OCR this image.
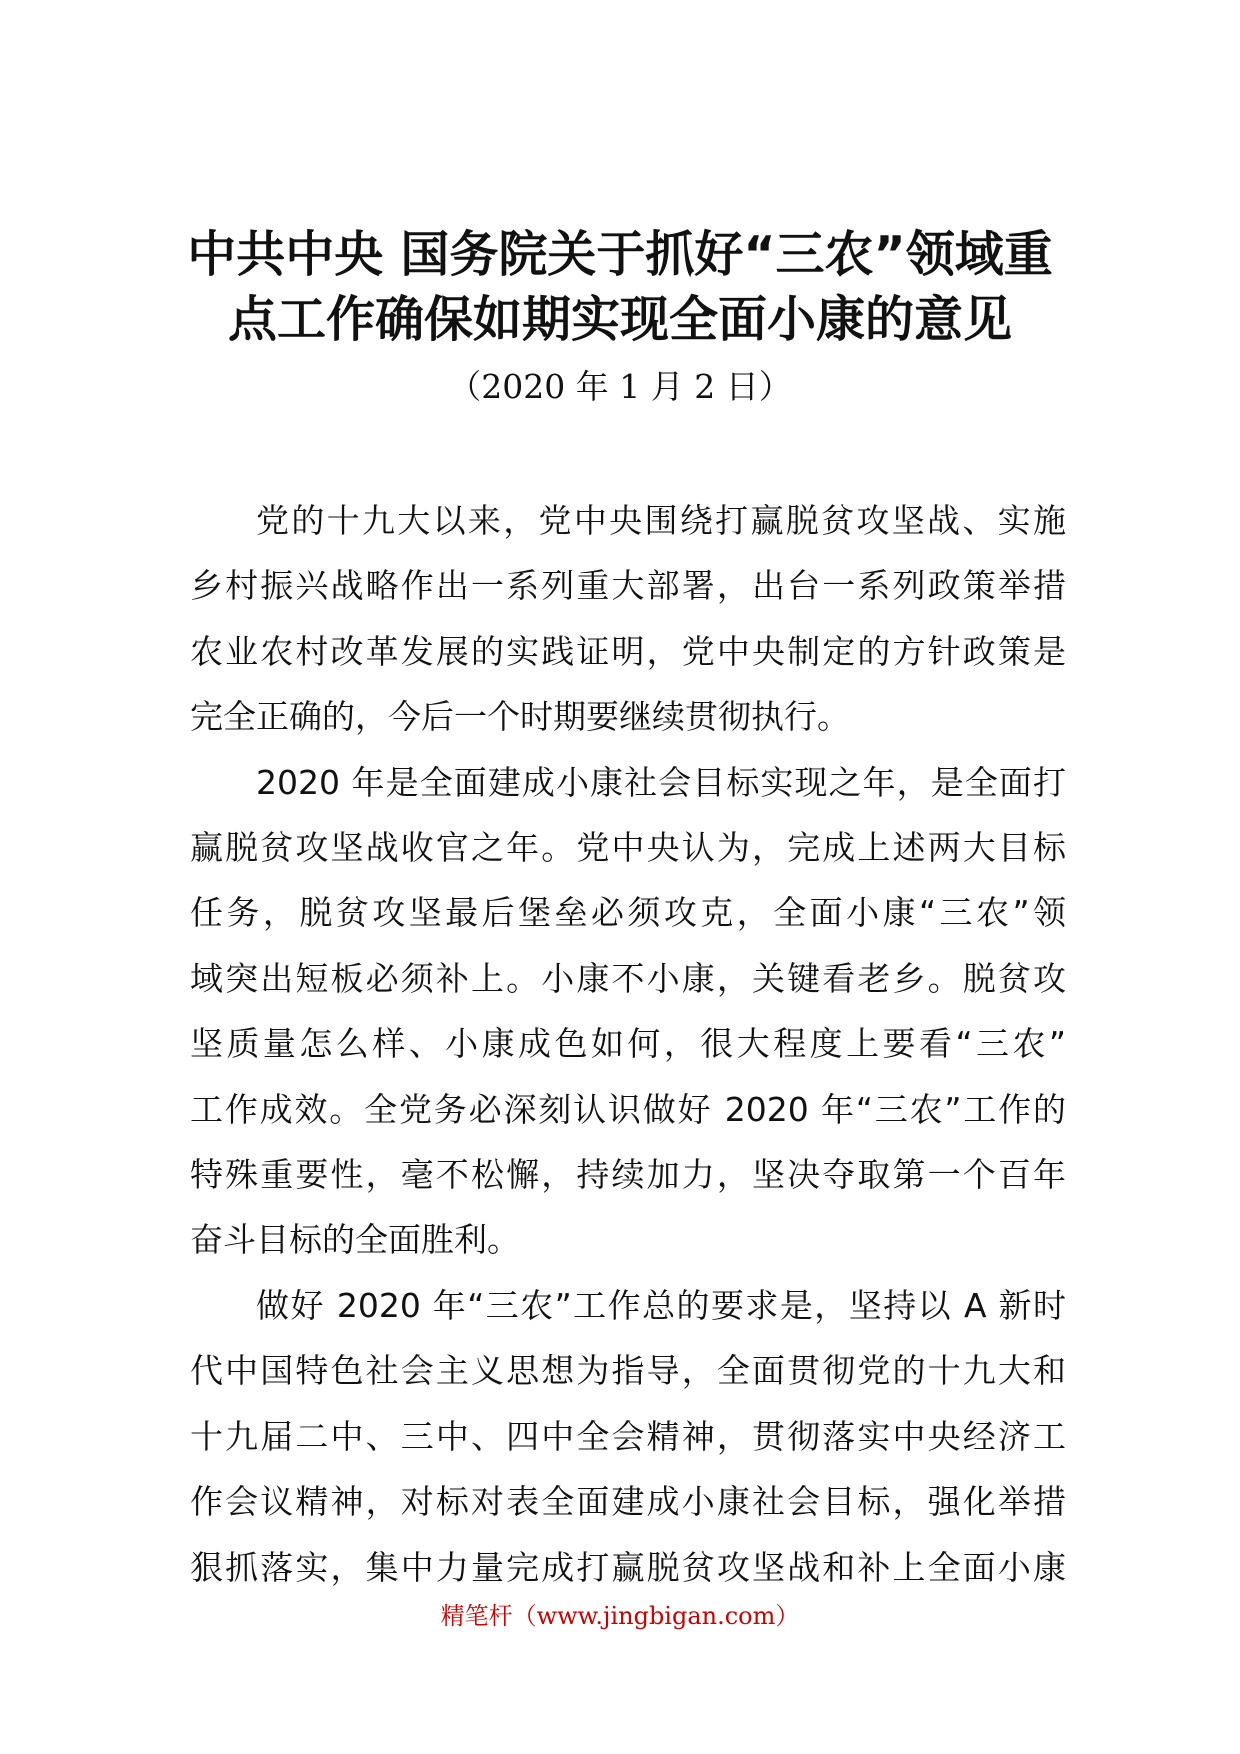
中共中央 国务院关于抓好“三农”领域重
点工作确保如期实现全面小康的意见
（2020 年 1 月 2 日）

党的十九大以来，党中央围绕打赢脱贫攻坚战、实施
乡村振兴战略作出一系列重大部署，出台一系列政策举措
农业农村改革发展的实践证明，党中央制定的方针政策是
完全正确的，今后一个时期要继续贯彻执行。

2020 年是全面建成小康社会目标实现之年，是全面打
赢脱贫攻坚战收官之年。党中央认为，完成上述两大目标
任务，脱贫攻坚最后堡垒必须攻克，全面小康“三农”领
域突出短板必须补上。小康不小康，关键看老乡。脱贫攻
坚质量怎么样、小康成色如何，很大程度上要看“三农”
工作成效。全党务必深刻认识做好 2020 年“三农”工作的
特殊重要性，毫不松懈，持续加力，坚决夺取第一个百年
奋斗目标的全面胜利。

做好 2020 年“三农”工作总的要求是，坚持以 A 新时
代中国特色社会主义思想为指导，全面贯彻党的十九大和
十九届二中、三中、四中全会精神，贯彻落实中央经济工
作会议精神，对标对表全面建成小康社会目标，强化举措
狠抓落实，集中力量完成打赢脱贫攻坚战和补上全面小康

精笔杆（www.jingbigan.com）
